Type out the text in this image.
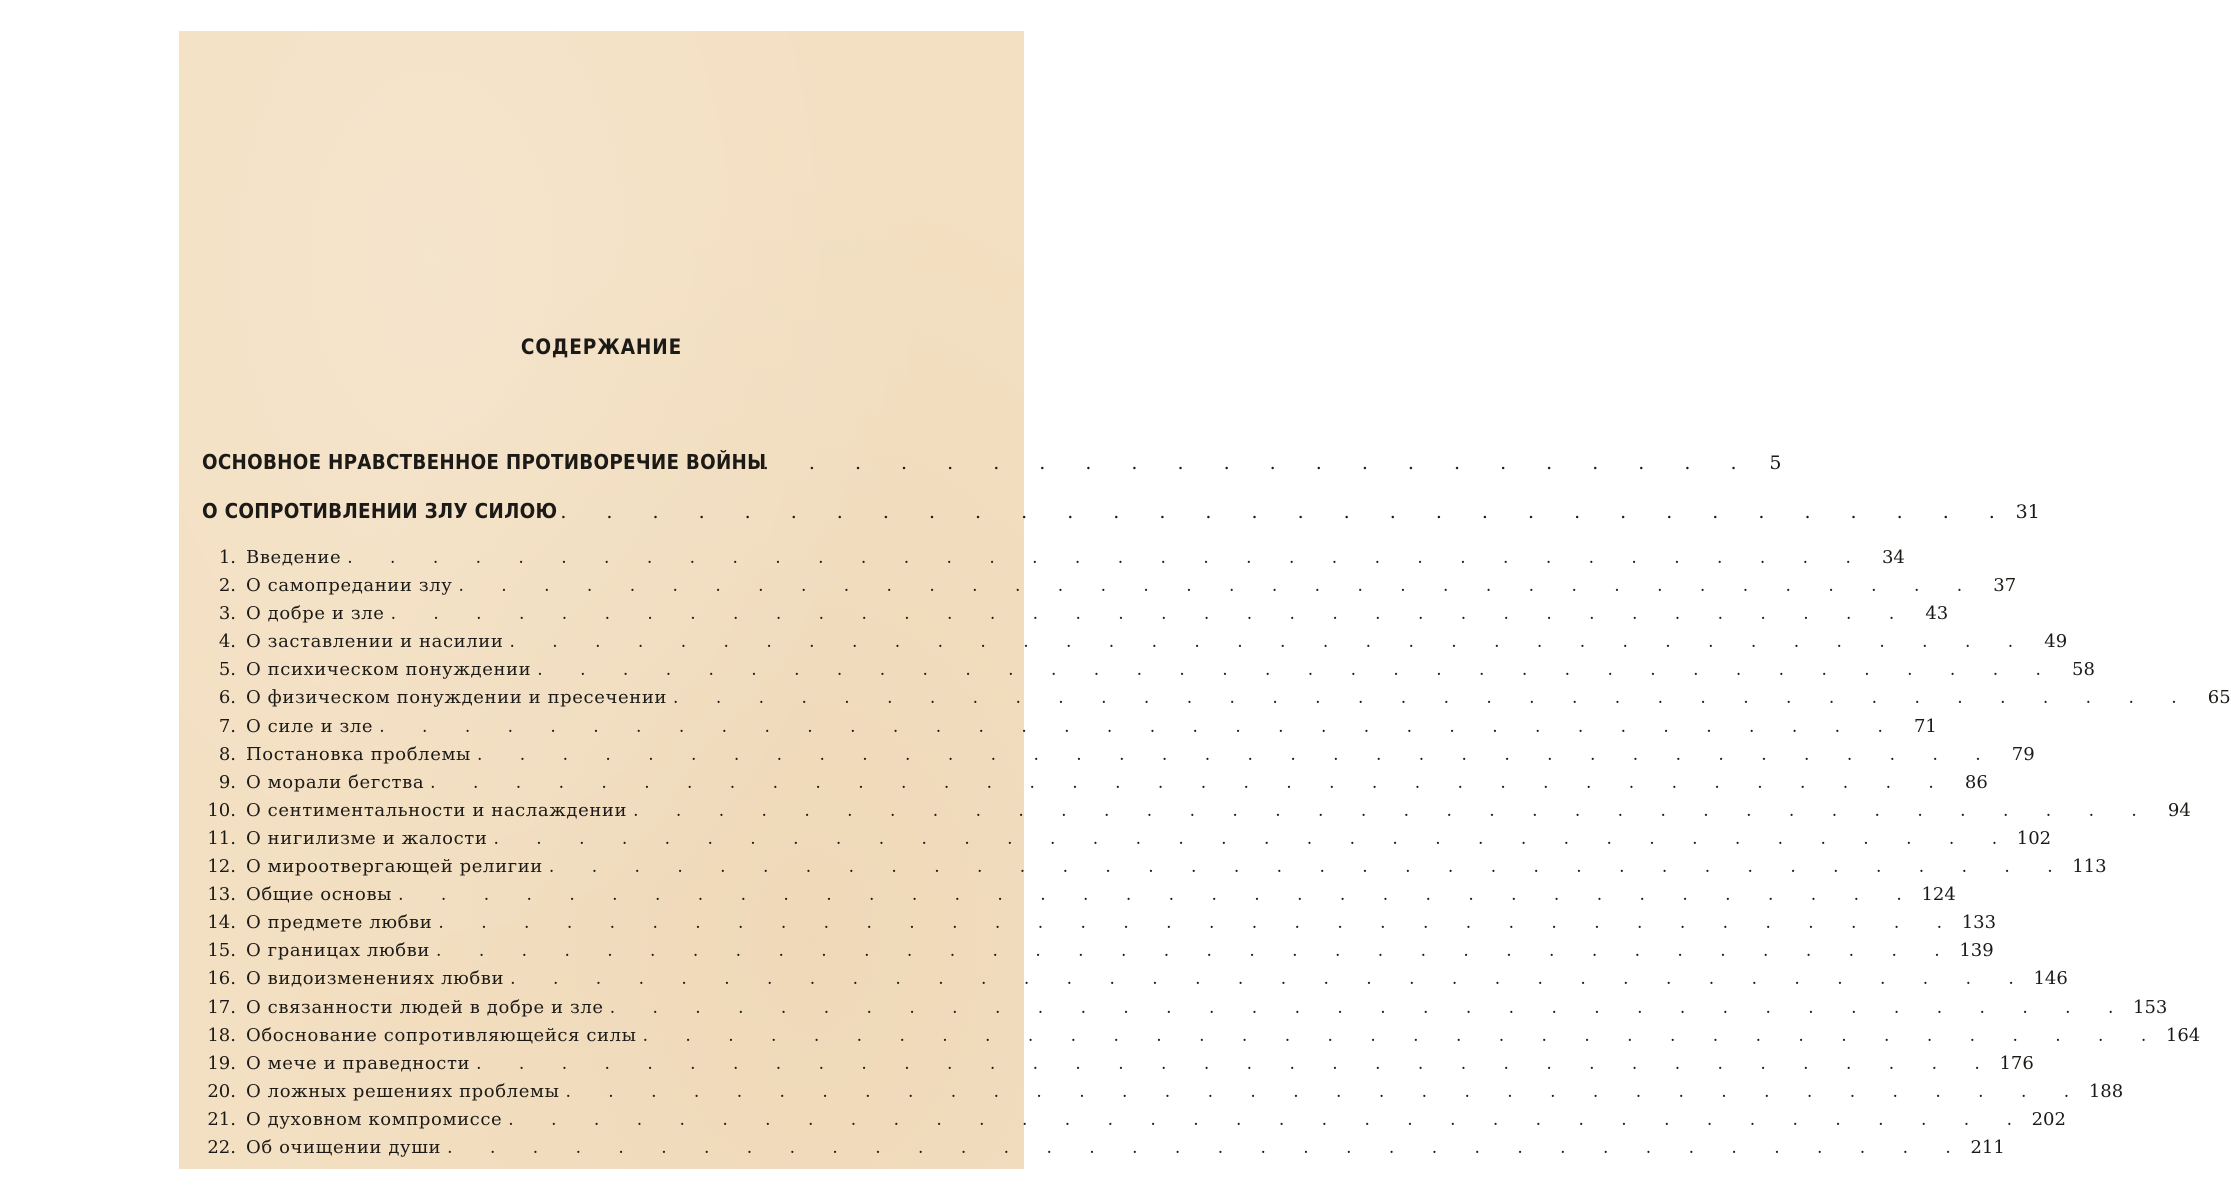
СОДЕРЖАНИЕ
ОСНОВНОЕ НРАВСТВЕННОЕ ПРОТИВОРЕЧИЕ ВОЙНЫ
. . . . . . . . . . . . . . . . . . . . . . 5
О СОПРОТИВЛЕНИИ ЗЛУ СИЛОЮ . . . . . . . . . . . . . . . . . . . . . . . . . . . . . . . . 31
1. Введение . . . . . . . . . . . . . . . . . . . . . . . . . . . . . . . . . . . . 34
2. О самопредании злу . . . . . . . . . . . . . . . . . . . . . . . . . . . . . . . . . . . . 37
3. О добре и зле . . . . . . . . . . . . . . . . . . . . . . . . . . . . . . . . . . . . 43
4. О заставлении и насилии . . . . . . . . . . . . . . . . . . . . . . . . . . . . . . . . . . . . 49
5. О психическом понуждении . . . . . . . . . . . . . . . . . . . . . . . . . . . . . . . . . . . . 58
6. О физическом понуждении и пресечении . . . . . . . . . . . . . . . . . . . . . . . . . . . . . . . . . . . . 65
7. О силе и зле . . . . . . . . . . . . . . . . . . . . . . . . . . . . . . . . . . . . 71
8. Постановка проблемы . . . . . . . . . . . . . . . . . . . . . . . . . . . . . . . . . . . . 79
9. О морали бегства . . . . . . . . . . . . . . . . . . . . . . . . . . . . . . . . . . . . 86
10. О сентиментальности и наслаждении . . . . . . . . . . . . . . . . . . . . . . . . . . . . . . . . . . . . 94
11. О нигилизме и жалости . . . . . . . . . . . . . . . . . . . . . . . . . . . . . . . . . . . . 102
12. О мироотвергающей религии . . . . . . . . . . . . . . . . . . . . . . . . . . . . . . . . . . . . 113
13. Общие основы . . . . . . . . . . . . . . . . . . . . . . . . . . . . . . . . . . . . 124
14. О предмете любви . . . . . . . . . . . . . . . . . . . . . . . . . . . . . . . . . . . . 133
15. О границах любви . . . . . . . . . . . . . . . . . . . . . . . . . . . . . . . . . . . . 139
16. О видоизменениях любви . . . . . . . . . . . . . . . . . . . . . . . . . . . . . . . . . . . . 146
17. О связанности людей в добре и зле . . . . . . . . . . . . . . . . . . . . . . . . . . . . . . . . . . . . 153
18. Обоснование сопротивляющейся силы . . . . . . . . . . . . . . . . . . . . . . . . . . . . . . . . . . . . 164
19. О мече и праведности . . . . . . . . . . . . . . . . . . . . . . . . . . . . . . . . . . . . 176
20. О ложных решениях проблемы . . . . . . . . . . . . . . . . . . . . . . . . . . . . . . . . . . . . 188
21. О духовном компромиссе . . . . . . . . . . . . . . . . . . . . . . . . . . . . . . . . . . . . 202
22. Об очищении души . . . . . . . . . . . . . . . . . . . . . . . . . . . . . . . . . . . . 211
